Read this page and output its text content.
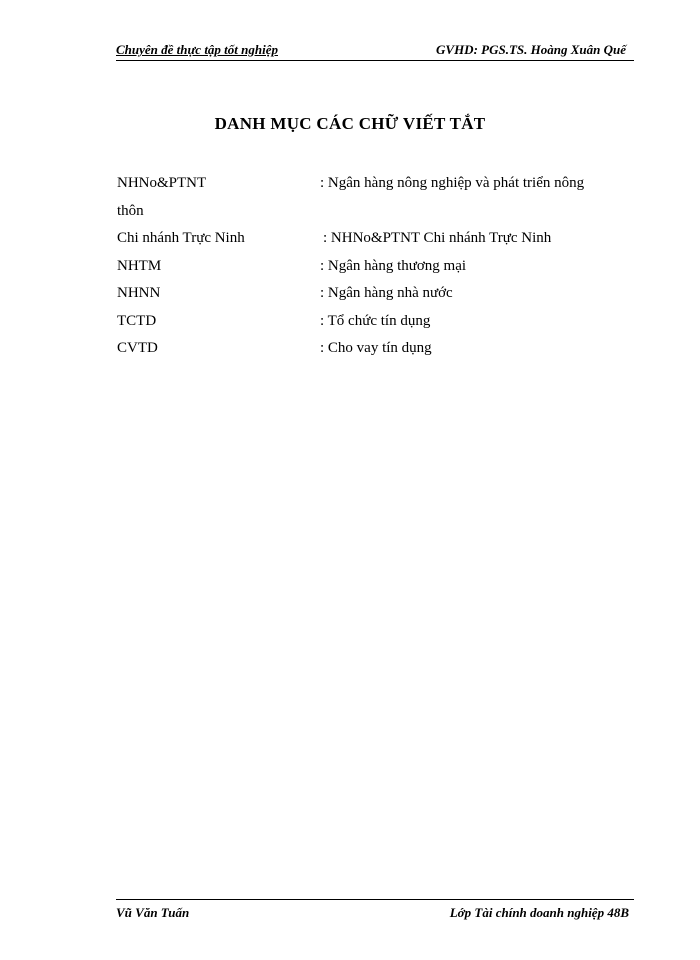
Chuyên đề thực tập tốt nghiệp	GVHD: PGS.TS. Hoàng Xuân Quế
DANH MỤC CÁC CHỮ VIẾT TẮT
NHNo&PTNT	: Ngân hàng nông nghiệp và phát triển nông
thôn
Chi nhánh Trực Ninh	: NHNo&PTNT Chi nhánh Trực Ninh
NHTM	: Ngân hàng thương mại
NHNN	: Ngân hàng nhà nước
TCTD	: Tổ chức tín dụng
CVTD	: Cho vay tín dụng
Vũ Văn Tuấn	Lớp Tài chính doanh nghiệp 48B
